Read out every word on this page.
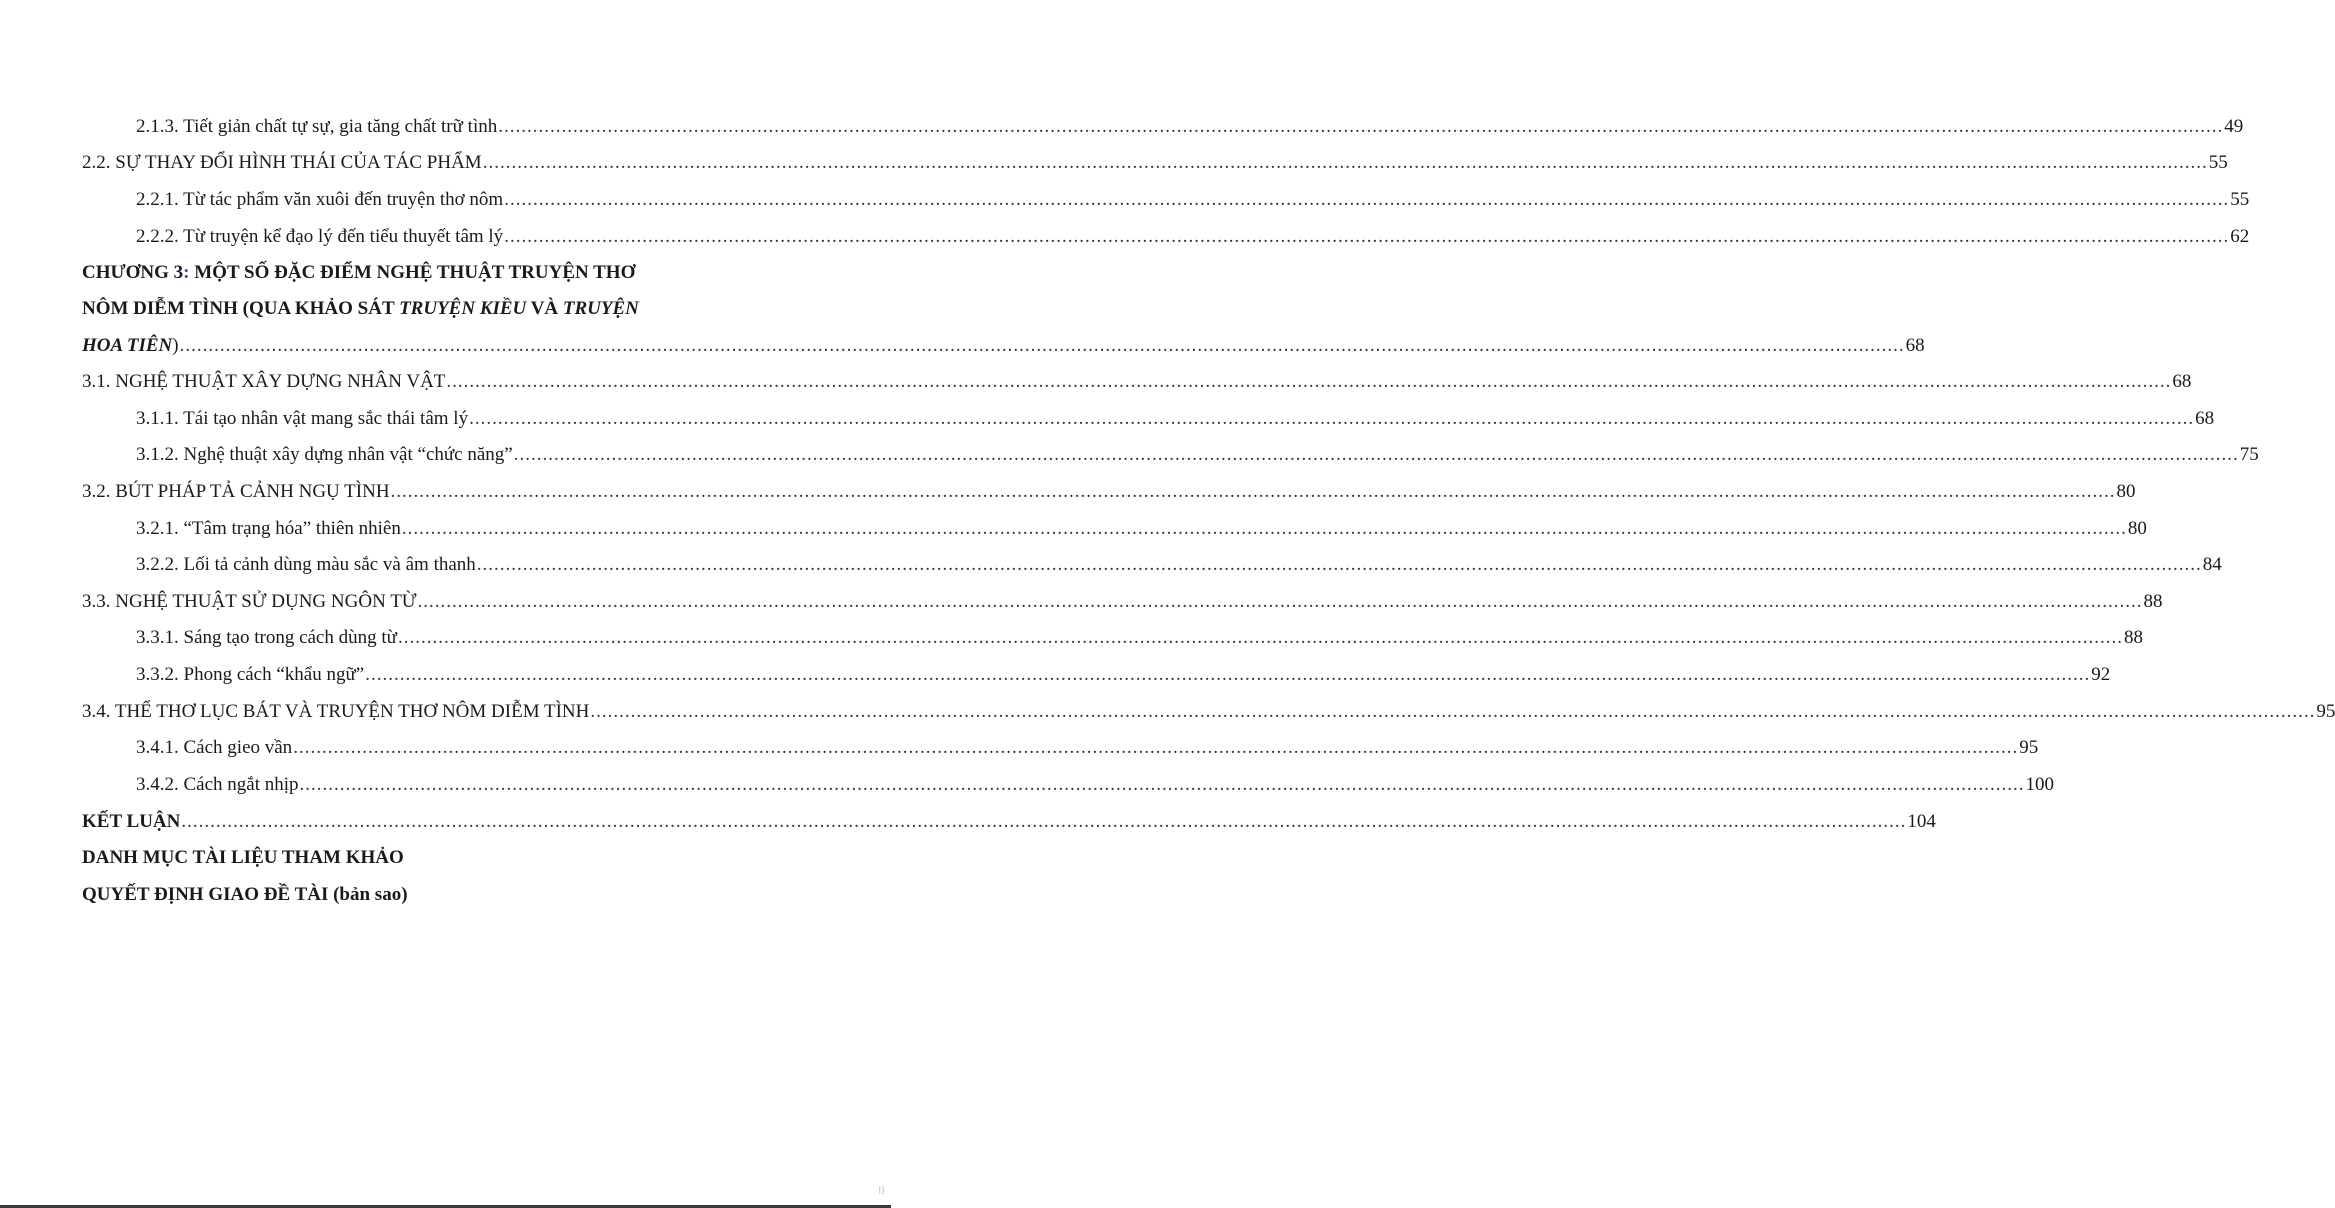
2.1.3. Tiết giản chất tự sự, gia tăng chất trữ tình ............................................................................................................................................................................................................................................................................................................ 49
2.2. SỰ THAY ĐỔI HÌNH THÁI CỦA TÁC PHẨM ............................................................................................................................................................................................................................................................................................................ 55
2.2.1. Từ tác phẩm văn xuôi đến truyện thơ nôm ............................................................................................................................................................................................................................................................................................................ 55
2.2.2. Từ truyện kể đạo lý đến tiểu thuyết tâm lý ............................................................................................................................................................................................................................................................................................................ 62
CHƯƠNG 3: MỘT SỐ ĐẶC ĐIỂM NGHỆ THUẬT TRUYỆN THƠ
NÔM DIỄM TÌNH (QUA KHẢO SÁT TRUYỆN KIỀU VÀ TRUYỆN
HOA TIÊN) ............................................................................................................................................................................................................................................................................................................ 68
3.1. NGHỆ THUẬT XÂY DỰNG NHÂN VẬT ............................................................................................................................................................................................................................................................................................................ 68
3.1.1. Tái tạo nhân vật mang sắc thái tâm lý ............................................................................................................................................................................................................................................................................................................ 68
3.1.2. Nghệ thuật xây dựng nhân vật “chức năng” ............................................................................................................................................................................................................................................................................................................ 75
3.2. BÚT PHÁP TẢ CẢNH NGỤ TÌNH ............................................................................................................................................................................................................................................................................................................ 80
3.2.1. “Tâm trạng hóa” thiên nhiên ............................................................................................................................................................................................................................................................................................................ 80
3.2.2. Lối tả cảnh dùng màu sắc và âm thanh ............................................................................................................................................................................................................................................................................................................ 84
3.3. NGHỆ THUẬT SỬ DỤNG NGÔN TỪ ............................................................................................................................................................................................................................................................................................................ 88
3.3.1. Sáng tạo trong cách dùng từ ............................................................................................................................................................................................................................................................................................................ 88
3.3.2. Phong cách “khẩu ngữ” ............................................................................................................................................................................................................................................................................................................ 92
3.4. THỂ THƠ LỤC BÁT VÀ TRUYỆN THƠ NÔM DIỄM TÌNH ............................................................................................................................................................................................................................................................................................................ 95
3.4.1. Cách gieo vần ............................................................................................................................................................................................................................................................................................................ 95
3.4.2. Cách ngắt nhịp ............................................................................................................................................................................................................................................................................................................ 100
KẾT LUẬN ............................................................................................................................................................................................................................................................................................................ 104
DANH MỤC TÀI LIỆU THAM KHẢO
QUYẾT ĐỊNH GIAO ĐỀ TÀI (bản sao)
⁞⁞
